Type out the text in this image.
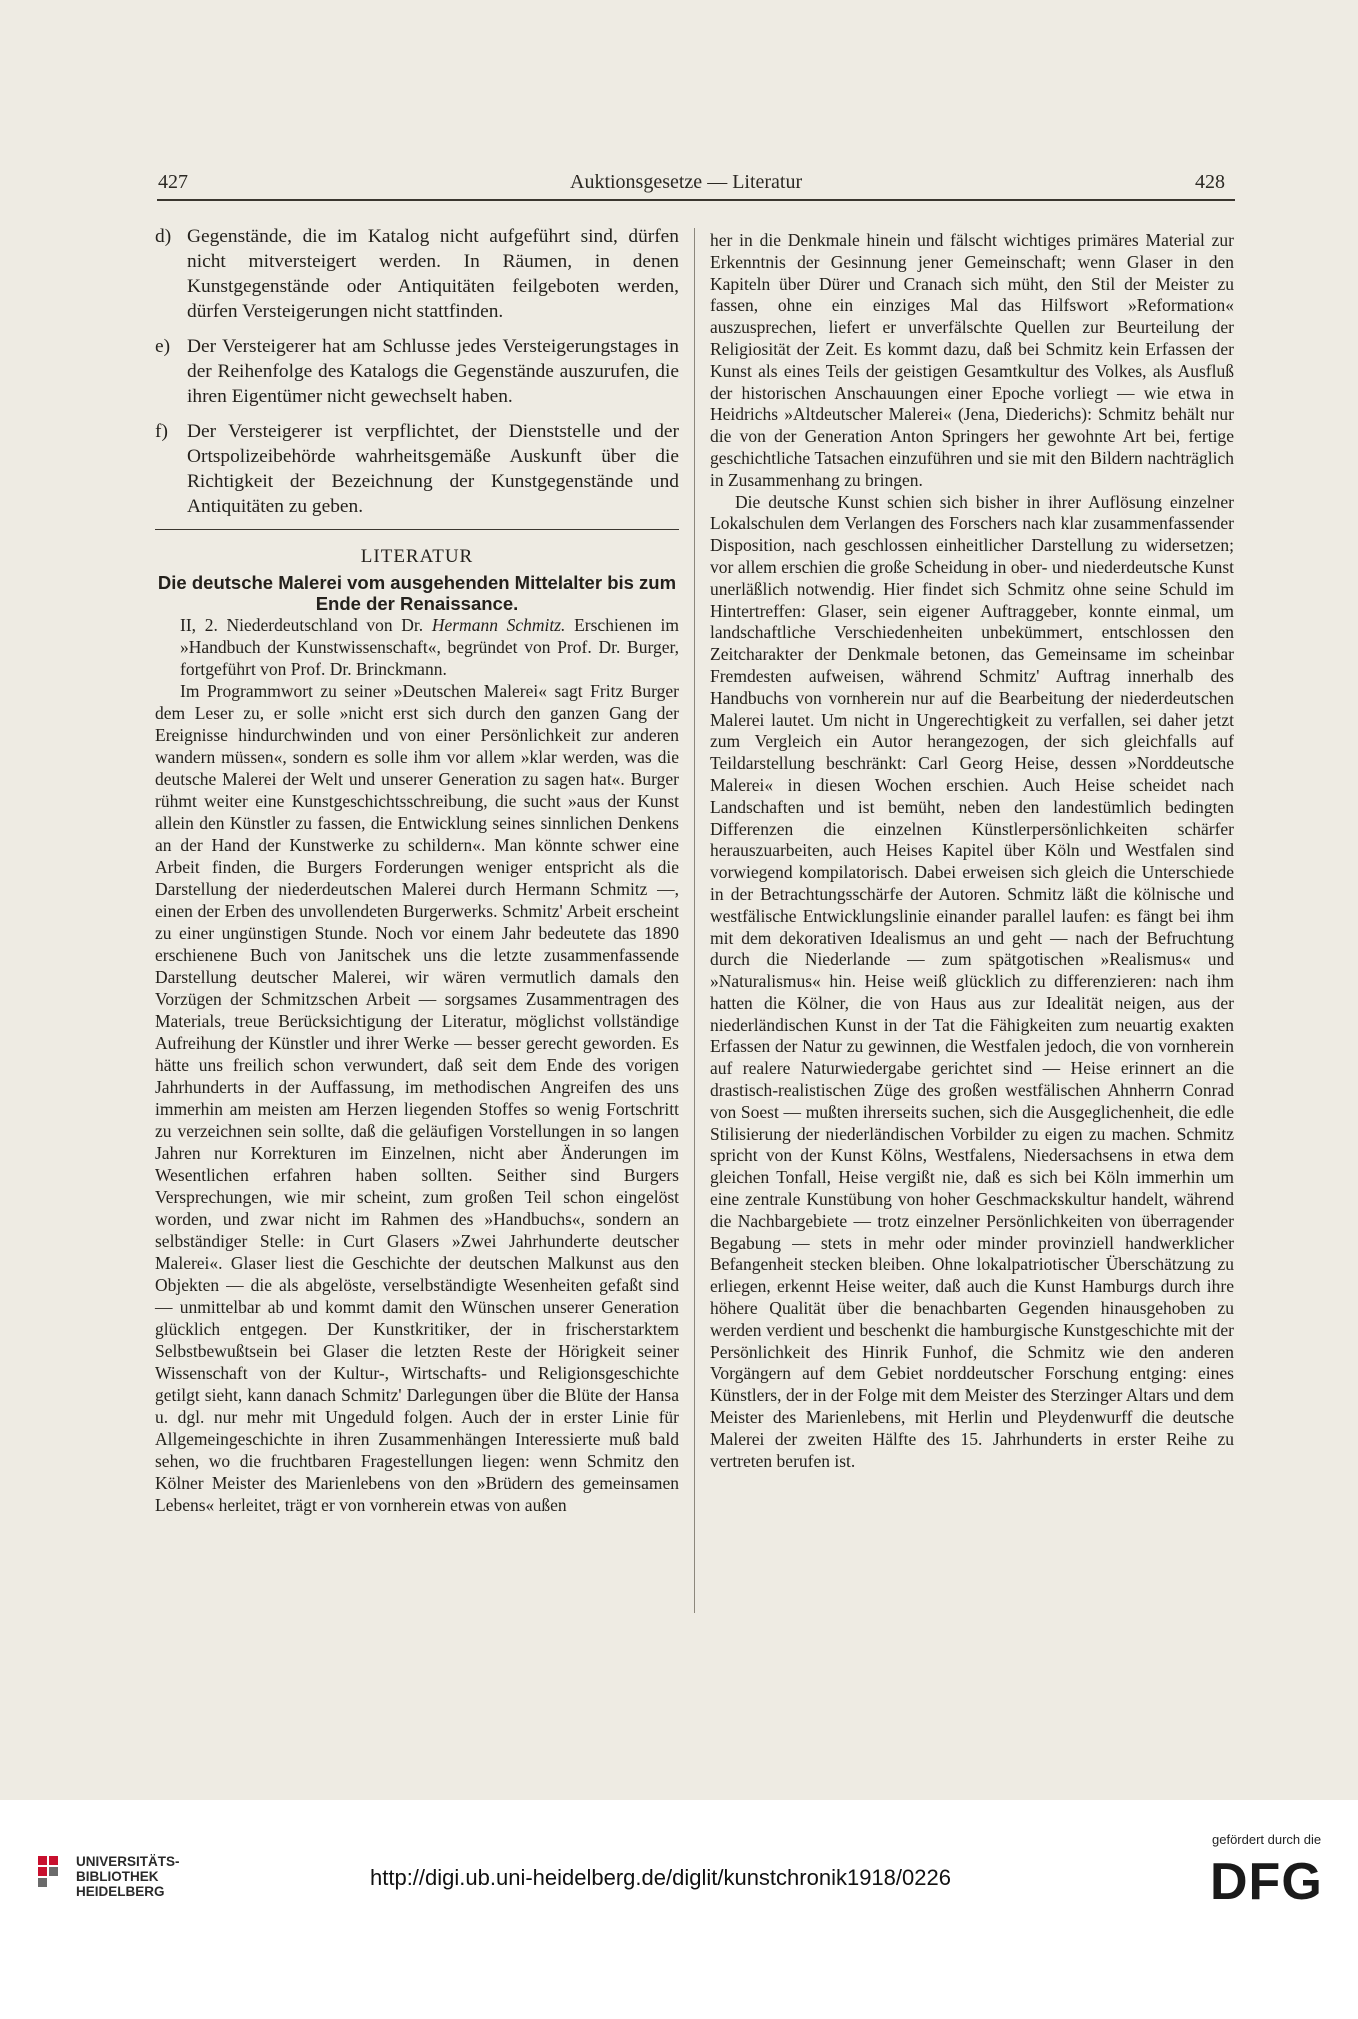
427	Auktionsgesetze — Literatur	428

d) Gegenstände, die im Katalog nicht aufgeführt sind, dürfen nicht mitversteigert werden. In Räumen, in denen Kunstgegenstände oder Antiquitäten feilgeboten werden, dürfen Versteigerungen nicht stattfinden.
e) Der Versteigerer hat am Schlusse jedes Versteigerungstages in der Reihenfolge des Katalogs die Gegenstände auszurufen, die ihren Eigentümer nicht gewechselt haben.
f) Der Versteigerer ist verpflichtet, der Dienststelle und der Ortspolizeibehörde wahrheitsgemäße Auskunft über die Richtigkeit der Bezeichnung der Kunstgegenstände und Antiquitäten zu geben.
LITERATUR

Die deutsche Malerei vom ausgehenden Mittelalter bis zum Ende der Renaissance.

II, 2. Niederdeutschland von Dr. Hermann Schmitz. Erschienen im »Handbuch der Kunstwissenschaft«, begründet von Prof. Dr. Burger, fortgeführt von Prof. Dr. Brinckmann.

Im Programmwort zu seiner »Deutschen Malerei« sagt Fritz Burger dem Leser zu, er solle »nicht erst sich durch den ganzen Gang der Ereignisse hindurchwinden und von einer Persönlichkeit zur anderen wandern müssen«, sondern es solle ihm vor allem »klar werden, was die deutsche Malerei der Welt und unserer Generation zu sagen hat«. Burger rühmt weiter eine Kunstgeschichtsschreibung, die sucht »aus der Kunst allein den Künstler zu fassen, die Entwicklung seines sinnlichen Denkens an der Hand der Kunstwerke zu schildern«. Man könnte schwer eine Arbeit finden, die Burgers Forderungen weniger entspricht als die Darstellung der niederdeutschen Malerei durch Hermann Schmitz —, einen der Erben des unvollendeten Burgerwerks. Schmitz' Arbeit erscheint zu einer ungünstigen Stunde. Noch vor einem Jahr bedeutete das 1890 erschienene Buch von Janitschek uns die letzte zusammenfassende Darstellung deutscher Malerei, wir wären vermutlich damals den Vorzügen der Schmitzschen Arbeit — sorgsames Zusammentragen des Materials, treue Berücksichtigung der Literatur, möglichst vollständige Aufreihung der Künstler und ihrer Werke — besser gerecht geworden. Es hätte uns freilich schon verwundert, daß seit dem Ende des vorigen Jahrhunderts in der Auffassung, im methodischen Angreifen des uns immerhin am meisten am Herzen liegenden Stoffes so wenig Fortschritt zu verzeichnen sein sollte, daß die geläufigen Vorstellungen in so langen Jahren nur Korrekturen im Einzelnen, nicht aber Änderungen im Wesentlichen erfahren haben sollten. Seither sind Burgers Versprechungen, wie mir scheint, zum großen Teil schon eingelöst worden, und zwar nicht im Rahmen des »Handbuchs«, sondern an selbständiger Stelle: in Curt Glasers »Zwei Jahrhunderte deutscher Malerei«. Glaser liest die Geschichte der deutschen Malkunst aus den Objekten — die als abgelöste, verselbständigte Wesenheiten gefaßt sind — unmittelbar ab und kommt damit den Wünschen unserer Generation glücklich entgegen. Der Kunstkritiker, der in frischerstarktem Selbstbewußtsein bei Glaser die letzten Reste der Hörigkeit seiner Wissenschaft von der Kultur-, Wirtschafts- und Religionsgeschichte getilgt sieht, kann danach Schmitz' Darlegungen über die Blüte der Hansa u. dgl. nur mehr mit Ungeduld folgen. Auch der in erster Linie für Allgemeingeschichte in ihren Zusammenhängen Interessierte muß bald sehen, wo die fruchtbaren Fragestellungen liegen: wenn Schmitz den Kölner Meister des Marienlebens von den »Brüdern des gemeinsamen Lebens« herleitet, trägt er von vornherein etwas von außen

her in die Denkmale hinein und fälscht wichtiges primäres Material zur Erkenntnis der Gesinnung jener Gemeinschaft; wenn Glaser in den Kapiteln über Dürer und Cranach sich müht, den Stil der Meister zu fassen, ohne ein einziges Mal das Hilfswort »Reformation« auszusprechen, liefert er unverfälschte Quellen zur Beurteilung der Religiosität der Zeit. Es kommt dazu, daß bei Schmitz kein Erfassen der Kunst als eines Teils der geistigen Gesamtkultur des Volkes, als Ausfluß der historischen Anschauungen einer Epoche vorliegt — wie etwa in Heidrichs »Altdeutscher Malerei« (Jena, Diederichs): Schmitz behält nur die von der Generation Anton Springers her gewohnte Art bei, fertige geschichtliche Tatsachen einzuführen und sie mit den Bildern nachträglich in Zusammenhang zu bringen.

Die deutsche Kunst schien sich bisher in ihrer Auflösung einzelner Lokalschulen dem Verlangen des Forschers nach klar zusammenfassender Disposition, nach geschlossen einheitlicher Darstellung zu widersetzen; vor allem erschien die große Scheidung in ober- und niederdeutsche Kunst unerläßlich notwendig. Hier findet sich Schmitz ohne seine Schuld im Hintertreffen: Glaser, sein eigener Auftraggeber, konnte einmal, um landschaftliche Verschiedenheiten unbekümmert, entschlossen den Zeitcharakter der Denkmale betonen, das Gemeinsame im scheinbar Fremdesten aufweisen, während Schmitz' Auftrag innerhalb des Handbuchs von vornherein nur auf die Bearbeitung der niederdeutschen Malerei lautet. Um nicht in Ungerechtigkeit zu verfallen, sei daher jetzt zum Vergleich ein Autor herangezogen, der sich gleichfalls auf Teildarstellung beschränkt: Carl Georg Heise, dessen »Norddeutsche Malerei« in diesen Wochen erschien. Auch Heise scheidet nach Landschaften und ist bemüht, neben den landestümlich bedingten Differenzen die einzelnen Künstlerpersönlichkeiten schärfer herauszuarbeiten, auch Heises Kapitel über Köln und Westfalen sind vorwiegend kompilatorisch. Dabei erweisen sich gleich die Unterschiede in der Betrachtungsschärfe der Autoren. Schmitz läßt die kölnische und westfälische Entwicklungslinie einander parallel laufen: es fängt bei ihm mit dem dekorativen Idealismus an und geht — nach der Befruchtung durch die Niederlande — zum spätgotischen »Realismus« und »Naturalismus« hin. Heise weiß glücklich zu differenzieren: nach ihm hatten die Kölner, die von Haus aus zur Idealität neigen, aus der niederländischen Kunst in der Tat die Fähigkeiten zum neuartig exakten Erfassen der Natur zu gewinnen, die Westfalen jedoch, die von vornherein auf realere Naturwiedergabe gerichtet sind — Heise erinnert an die drastisch-realistischen Züge des großen westfälischen Ahnherrn Conrad von Soest — mußten ihrerseits suchen, sich die Ausgeglichenheit, die edle Stilisierung der niederländischen Vorbilder zu eigen zu machen. Schmitz spricht von der Kunst Kölns, Westfalens, Niedersachsens in etwa dem gleichen Tonfall, Heise vergißt nie, daß es sich bei Köln immerhin um eine zentrale Kunstübung von hoher Geschmackskultur handelt, während die Nachbargebiete — trotz einzelner Persönlichkeiten von überragender Begabung — stets in mehr oder minder provinziell handwerklicher Befangenheit stecken bleiben. Ohne lokalpatriotischer Überschätzung zu erliegen, erkennt Heise weiter, daß auch die Kunst Hamburgs durch ihre höhere Qualität über die benachbarten Gegenden hinausgehoben zu werden verdient und beschenkt die hamburgische Kunstgeschichte mit der Persönlichkeit des Hinrik Funhof, die Schmitz wie den anderen Vorgängern auf dem Gebiet norddeutscher Forschung entging: eines Künstlers, der in der Folge mit dem Meister des Sterzinger Altars und dem Meister des Marienlebens, mit Herlin und Pleydenwurff die deutsche Malerei der zweiten Hälfte des 15. Jahrhunderts in erster Reihe zu vertreten berufen ist.

UNIVERSITÄTS-
BIBLIOTHEK
HEIDELBERG
http://digi.ub.uni-heidelberg.de/diglit/kunstchronik1918/0226

gefördert durch die

DFG
